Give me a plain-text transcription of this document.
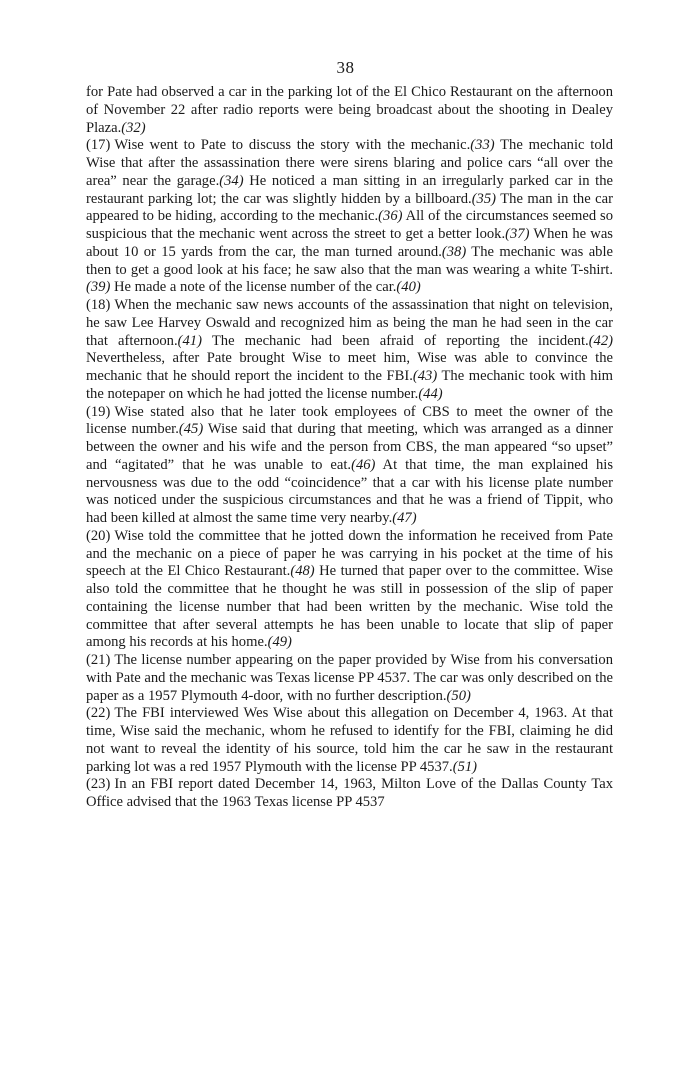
38

for Pate had observed a car in the parking lot of the El Chico Restaurant on the afternoon of November 22 after radio reports were being broadcast about the shooting in Dealey Plaza.(32)

(17) Wise went to Pate to discuss the story with the mechanic.(33) The mechanic told Wise that after the assassination there were sirens blaring and police cars “all over the area” near the garage.(34) He noticed a man sitting in an irregularly parked car in the restaurant parking lot; the car was slightly hidden by a billboard.(35) The man in the car appeared to be hiding, according to the mechanic.(36) All of the circumstances seemed so suspicious that the mechanic went across the street to get a better look.(37) When he was about 10 or 15 yards from the car, the man turned around.(38) The mechanic was able then to get a good look at his face; he saw also that the man was wearing a white T-shirt.(39) He made a note of the license number of the car.(40)

(18) When the mechanic saw news accounts of the assassination that night on television, he saw Lee Harvey Oswald and recognized him as being the man he had seen in the car that afternoon.(41) The mechanic had been afraid of reporting the incident.(42) Nevertheless, after Pate brought Wise to meet him, Wise was able to convince the mechanic that he should report the incident to the FBI.(43) The mechanic took with him the notepaper on which he had jotted the license number.(44)

(19) Wise stated also that he later took employees of CBS to meet the owner of the license number.(45) Wise said that during that meeting, which was arranged as a dinner between the owner and his wife and the person from CBS, the man appeared “so upset” and “agitated” that he was unable to eat.(46) At that time, the man explained his nervousness was due to the odd “coincidence” that a car with his license plate number was noticed under the suspicious circumstances and that he was a friend of Tippit, who had been killed at almost the same time very nearby.(47)

(20) Wise told the committee that he jotted down the information he received from Pate and the mechanic on a piece of paper he was carrying in his pocket at the time of his speech at the El Chico Restaurant.(48) He turned that paper over to the committee. Wise also told the committee that he thought he was still in possession of the slip of paper containing the license number that had been written by the mechanic. Wise told the committee that after several attempts he has been unable to locate that slip of paper among his records at his home.(49)

(21) The license number appearing on the paper provided by Wise from his conversation with Pate and the mechanic was Texas license PP 4537. The car was only described on the paper as a 1957 Plymouth 4-door, with no further description.(50)

(22) The FBI interviewed Wes Wise about this allegation on December 4, 1963. At that time, Wise said the mechanic, whom he refused to identify for the FBI, claiming he did not want to reveal the identity of his source, told him the car he saw in the restaurant parking lot was a red 1957 Plymouth with the license PP 4537.(51)

(23) In an FBI report dated December 14, 1963, Milton Love of the Dallas County Tax Office advised that the 1963 Texas license PP 4537
